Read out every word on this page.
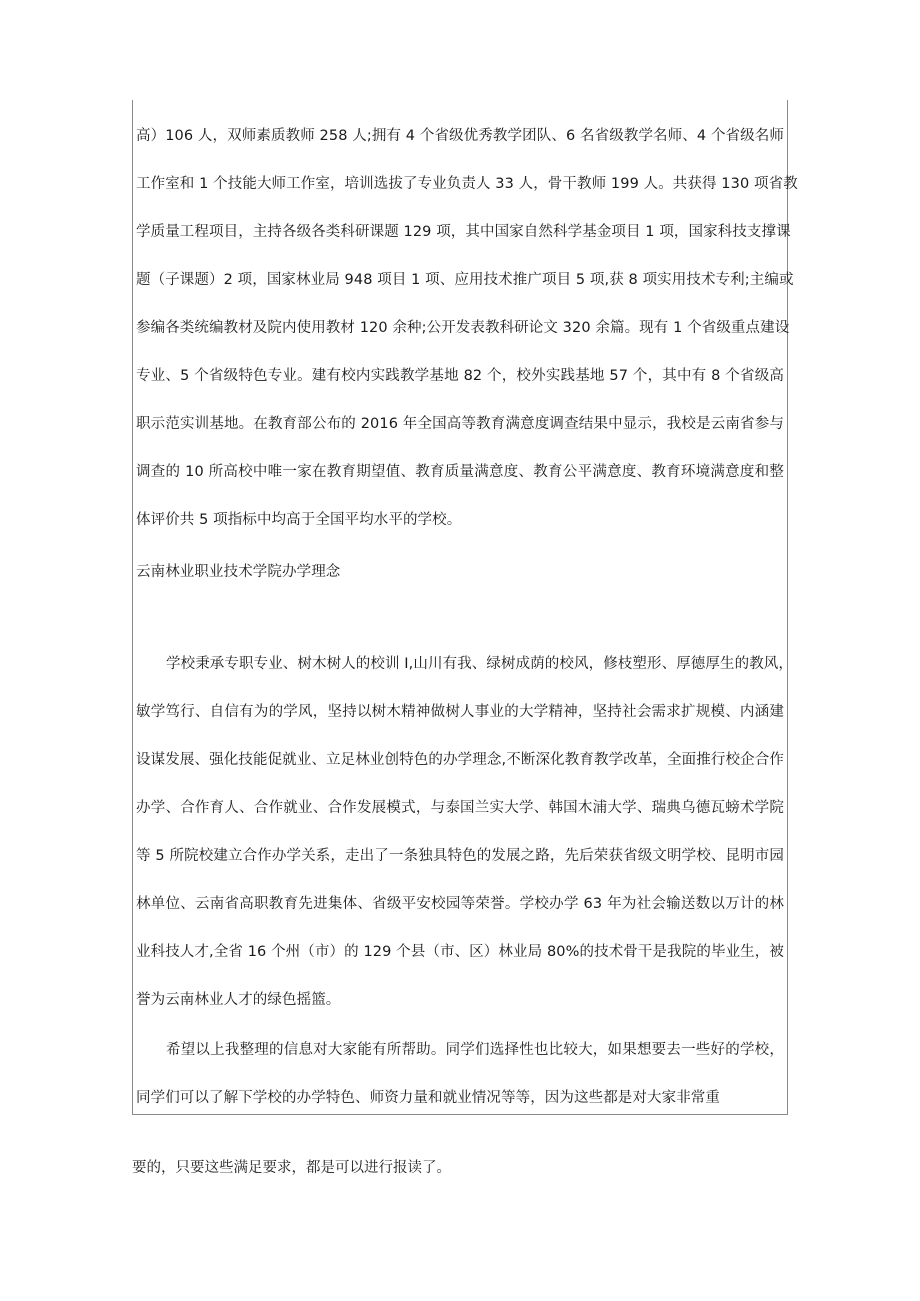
高）106 人，双师素质教师 258 人;拥有 4 个省级优秀教学团队、6 名省级教学名师、4 个省级名师
工作室和 1 个技能大师工作室，培训选拔了专业负责人 33 人，骨干教师 199 人。共获得 130 项省教
学质量工程项目，主持各级各类科研课题 129 项，其中国家自然科学基金项目 1 项，国家科技支撑课
题（子课题）2 项，国家林业局 948 项目 1 项、应用技术推广项目 5 项,获 8 项实用技术专利;主编或
参编各类统编教材及院内使用教材 120 余种;公开发表教科研论文 320 余篇。现有 1 个省级重点建设
专业、5 个省级特色专业。建有校内实践教学基地 82 个，校外实践基地 57 个，其中有 8 个省级高
职示范实训基地。在教育部公布的 2016 年全国高等教育满意度调查结果中显示，我校是云南省参与
调查的 10 所高校中唯一家在教育期望值、教育质量满意度、教育公平满意度、教育环境满意度和整
体评价共 5 项指标中均高于全国平均水平的学校。
云南林业职业技术学院办学理念
学校秉承专职专业、树木树人的校训 I,山川有我、绿树成荫的校风，修枝塑形、厚德厚生的教风，
敏学笃行、自信有为的学风，坚持以树木精神做树人事业的大学精神，坚持社会需求扩规模、内涵建
设谋发展、强化技能促就业、立足林业创特色的办学理念,不断深化教育教学改革，全面推行校企合作
办学、合作育人、合作就业、合作发展模式，与泰国兰实大学、韩国木浦大学、瑞典乌德瓦螃术学院
等 5 所院校建立合作办学关系，走出了一条独具特色的发展之路，先后荣获省级文明学校、昆明市园
林单位、云南省高职教育先进集体、省级平安校园等荣誉。学校办学 63 年为社会输送数以万计的林
业科技人才,全省 16 个州（市）的 129 个县（市、区）林业局 80%的技术骨干是我院的毕业生，被
誉为云南林业人才的绿色摇篮。
希望以上我整理的信息对大家能有所帮助。同学们选择性也比较大，如果想要去一些好的学校，
同学们可以了解下学校的办学特色、师资力量和就业情况等等，因为这些都是对大家非常重
要的，只要这些满足要求，都是可以进行报读了。
